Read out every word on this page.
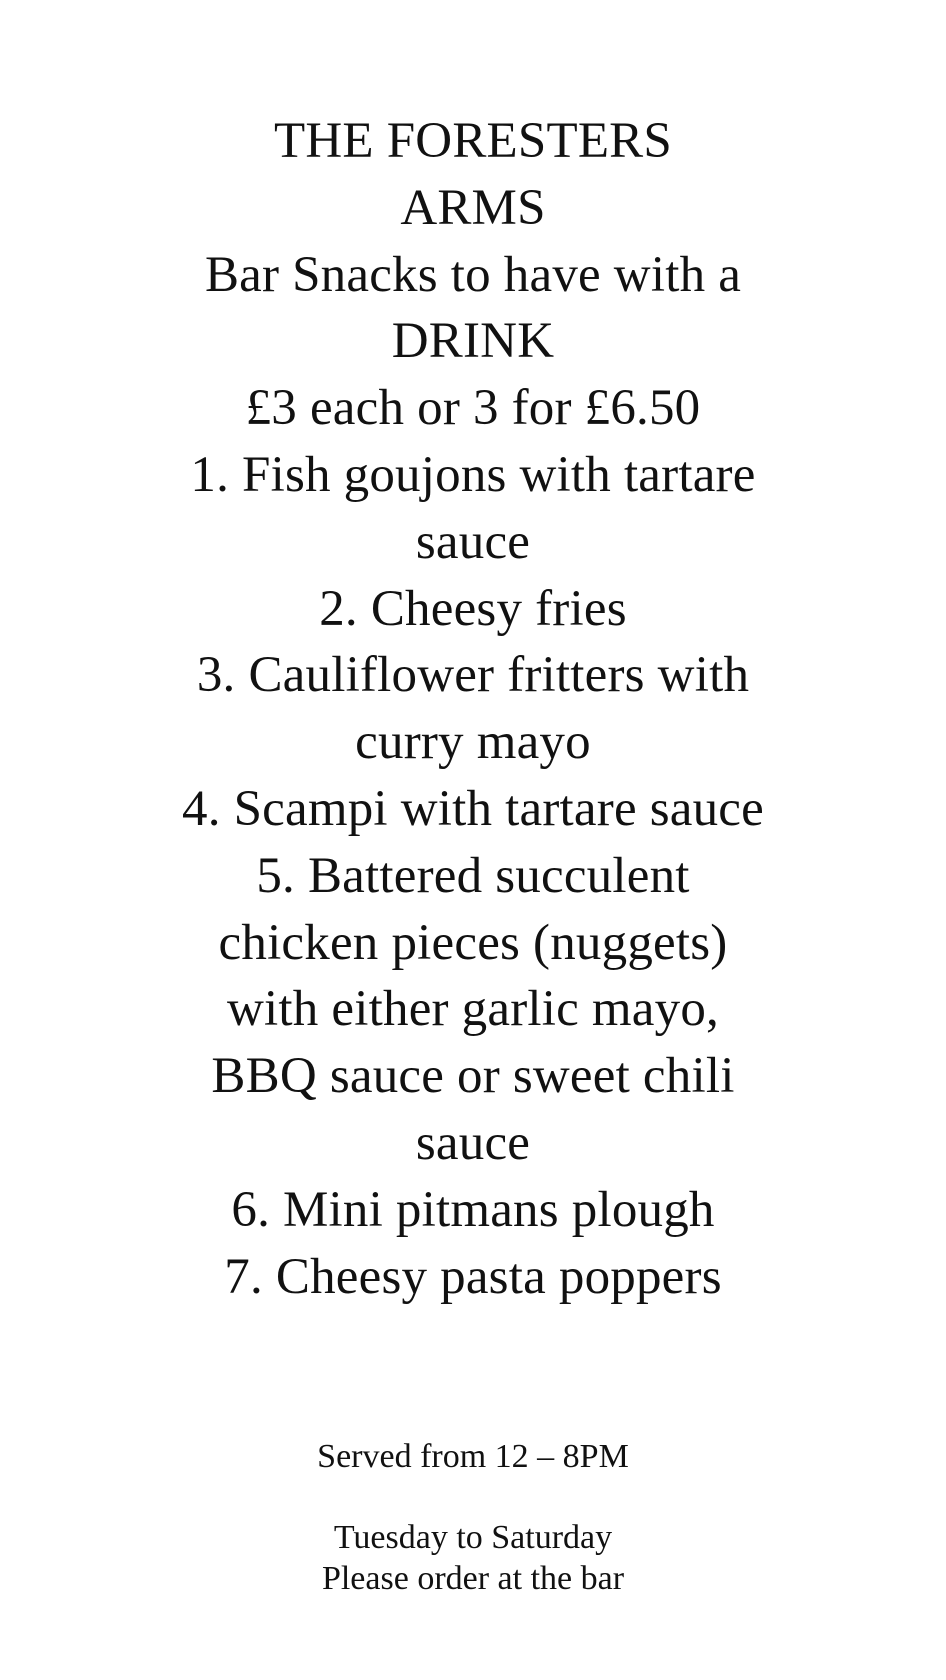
THE FORESTERS
ARMS
Bar Snacks to have with a
DRINK
£3 each or 3 for £6.50
1. Fish goujons with tartare
sauce
2. Cheesy fries
3. Cauliflower fritters with
curry mayo
4. Scampi with tartare sauce
5. Battered succulent
chicken pieces (nuggets)
with either garlic mayo,
BBQ sauce or sweet chili
sauce
6. Mini pitmans plough
7. Cheesy pasta poppers
Served from 12 – 8PM
Tuesday to Saturday
Please order at the bar
